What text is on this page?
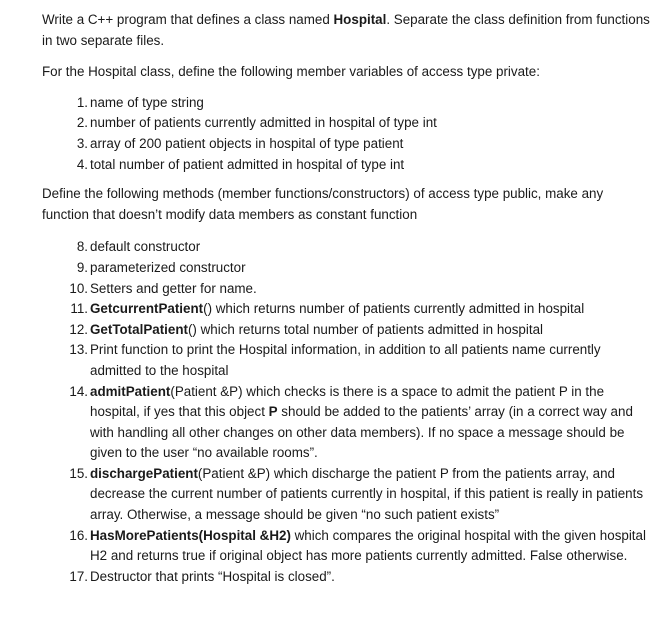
Write a C++ program that defines a class named Hospital. Separate the class definition from functions in two separate files.

For the Hospital class, define the following member variables of access type private:

1. name of type string
2. number of patients currently admitted in hospital of type int
3. array of 200 patient objects in hospital of type patient
4. total number of patient admitted in hospital of type int

Define the following methods (member functions/constructors) of access type public, make any function that doesn’t modify data members as constant function

8. default constructor
9. parameterized constructor
10. Setters and getter for name.
11. GetcurrentPatient() which returns number of patients currently admitted in hospital
12. GetTotalPatient() which returns total number of patients admitted in hospital
13. Print function to print the Hospital information, in addition to all patients name currently admitted to the hospital
14. admitPatient(Patient &P) which checks is there is a space to admit the patient P in the hospital, if yes that this object P should be added to the patients’ array (in a correct way and with handling all other changes on other data members). If no space a message should be given to the user “no available rooms”.
15. dischargePatient(Patient &P) which discharge the patient P from the patients array, and decrease the current number of patients currently in hospital, if this patient is really in patients array. Otherwise, a message should be given “no such patient exists”
16. HasMorePatients(Hospital &H2) which compares the original hospital with the given hospital H2 and returns true if original object has more patients currently admitted. False otherwise.
17. Destructor that prints “Hospital is closed”.
